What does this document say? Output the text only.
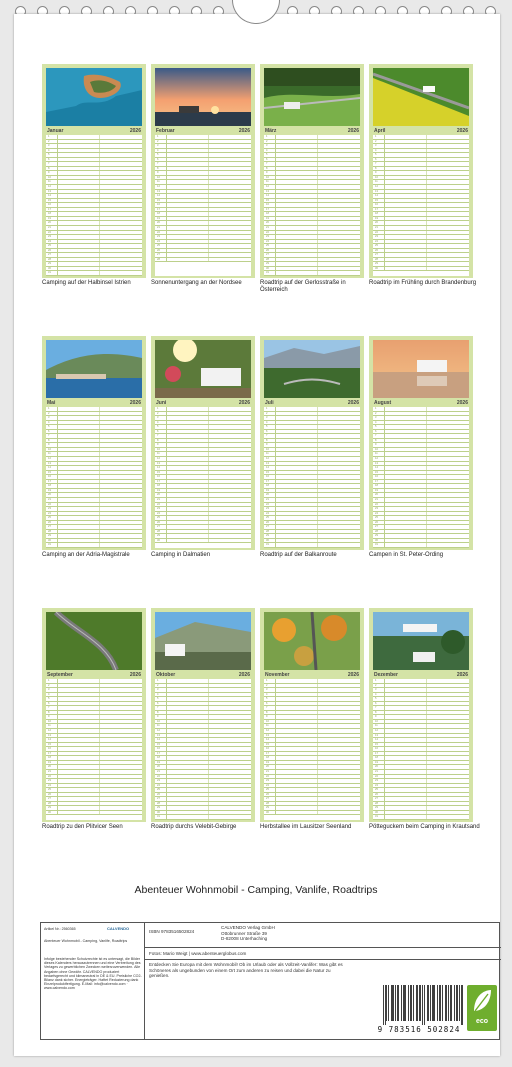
Januar	2026
1
2
3
4
5
6
7
8
9
10
11
12
13
14
15
16
17
18
19
20
21
22
23
24
25
26
27
28
29
30
31
Camping auf der Halbinsel Istrien
Februar	2026
1
2
3
4
5
6
7
8
9
10
11
12
13
14
15
16
17
18
19
20
21
22
23
24
25
26
27
28
Sonnenuntergang an der Nordsee
März	2026
1
2
3
4
5
6
7
8
9
10
11
12
13
14
15
16
17
18
19
20
21
22
23
24
25
26
27
28
29
30
31
Roadtrip auf der Gerlosstraße in Österreich
April	2026
1
2
3
4
5
6
7
8
9
10
11
12
13
14
15
16
17
18
19
20
21
22
23
24
25
26
27
28
29
30
Roadtrip im Frühling durch Brandenburg
Mai	2026
1
2
3
4
5
6
7
8
9
10
11
12
13
14
15
16
17
18
19
20
21
22
23
24
25
26
27
28
29
30
31
Camping an der Adria-Magistrale
Juni	2026
1
2
3
4
5
6
7
8
9
10
11
12
13
14
15
16
17
18
19
20
21
22
23
24
25
26
27
28
29
30
Camping in Dalmatien
Juli	2026
1
2
3
4
5
6
7
8
9
10
11
12
13
14
15
16
17
18
19
20
21
22
23
24
25
26
27
28
29
30
31
Roadtrip auf der Balkanroute
August	2026
1
2
3
4
5
6
7
8
9
10
11
12
13
14
15
16
17
18
19
20
21
22
23
24
25
26
27
28
29
30
31
Campen in St. Peter-Ording
September	2026
1
2
3
4
5
6
7
8
9
10
11
12
13
14
15
16
17
18
19
20
21
22
23
24
25
26
27
28
29
30
Roadtrip zu den Plitvicer Seen
Oktober	2026
1
2
3
4
5
6
7
8
9
10
11
12
13
14
15
16
17
18
19
20
21
22
23
24
25
26
27
28
29
30
31
Roadtrip durchs Velebit-Gebirge
November	2026
1
2
3
4
5
6
7
8
9
10
11
12
13
14
15
16
17
18
19
20
21
22
23
24
25
26
27
28
29
30
Herbstallee im Lausitzer Seenland
Dezember	2026
1
2
3
4
5
6
7
8
9
10
11
12
13
14
15
16
17
18
19
20
21
22
23
24
25
26
27
28
29
30
31
Pötteguckem beim Camping in Krautsand
Abenteuer Wohnmobil - Camping, Vanlife, Roadtrips
Artikel Nr.: 2560365	CALVENDO
Abenteuer Wohnmobil - Camping, Vanlife, Roadtrips
Infolge bestehender Schutzrechte ist es untersagt, die Bilder dieses Kalenders herauszutrennen und eine Verbreitung des Verlages zu gewerblichen Zwecken weiterzuverwenden. Alle Angaben ohne Gewähr. CALVENDO produziert bedarfsgerecht und klimaneutral in DE & EU. Preisliche CO2-Bilanz dank sicher. Energieträger. Haftet Reduzierung dank Einzelproduktfertigung. E-Mail: info@calvendo.com · www.calvendo.com
ISBN 9783516502824
CALVENDO Verlag GmbH
Ottobrunner Straße 39
D-82008 Unterhaching
Fotos: Mario Weigt | www.abenteuerglobus.com
Entdecken Sie Europa mit dem Wohnmobil! Ob im Urlaub oder als Vollzeit-Vanlifer: Was gibt es Schöneres als ungebunden von einem Ort zum anderen zu reisen und dabei die Natur zu genießen.
9 783516 502824
eco
